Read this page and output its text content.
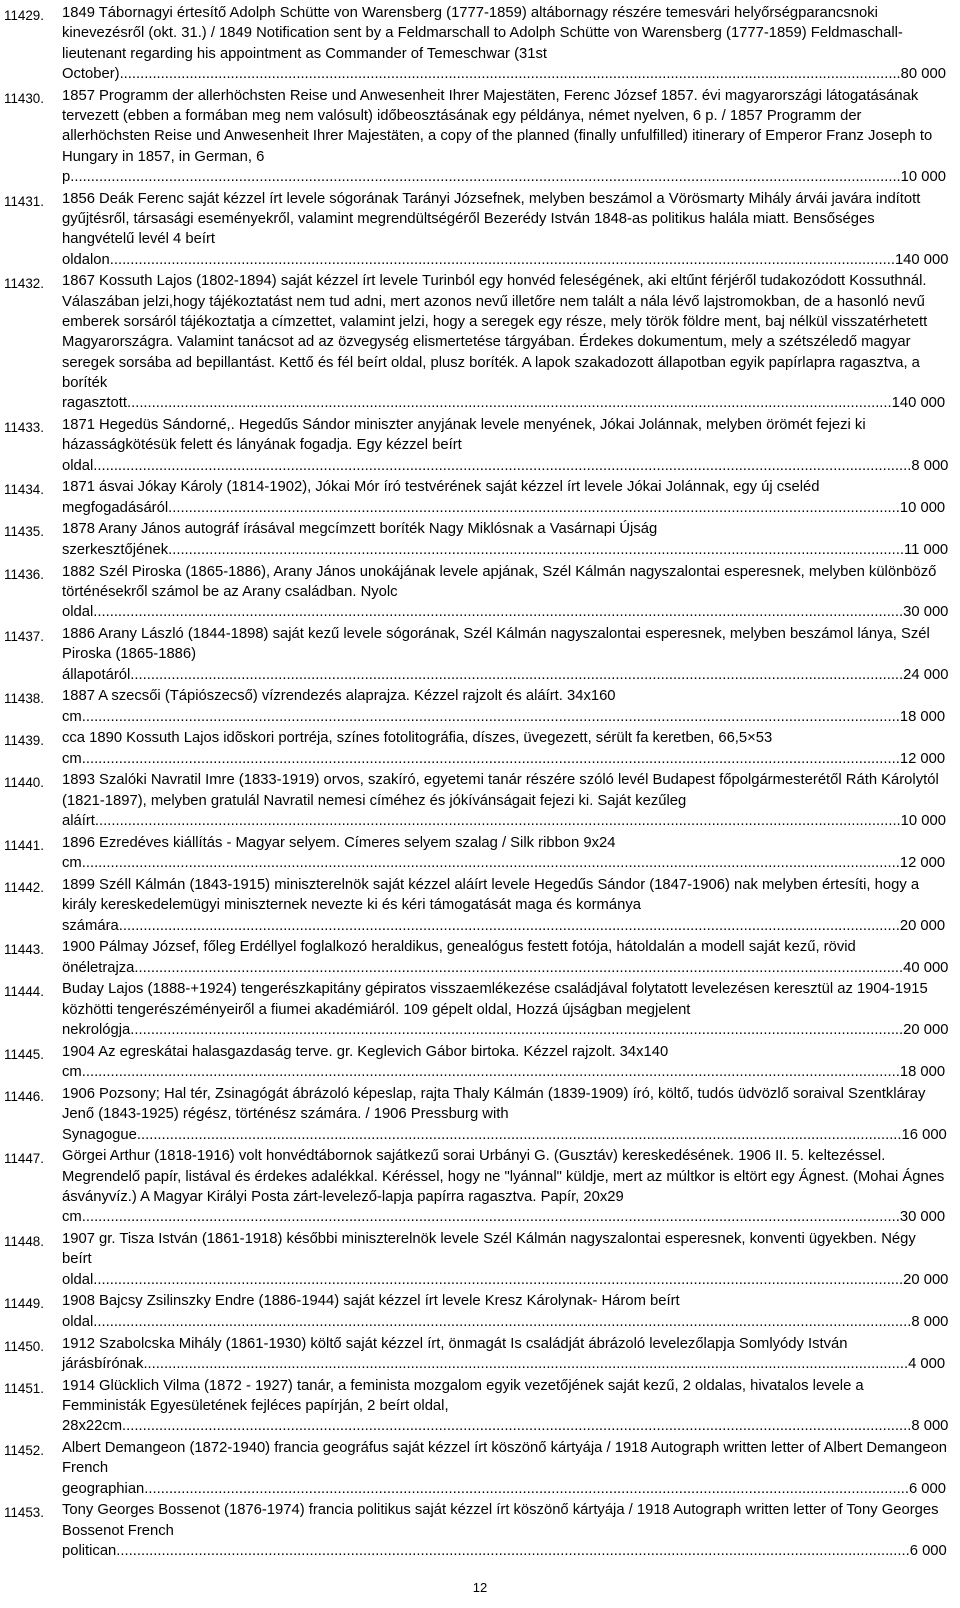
11429. 1849 Tábornagyi értesítő Adolph Schütte von Warensberg (1777-1859) altábornagy részére temesvári helyőrségparancsnoki kinevezésről (okt. 31.) / 1849 Notification sent by a Feldmarschall to Adolph Schütte von Warensberg (1777-1859) Feldmaschall-lieutenant regarding his appointment as Commander of Temeschwar (31st October)..............................................................................................................................................................................................80 000
11430. 1857 Programm der allerhöchsten Reise und Anwesenheit Ihrer Majestäten, Ferenc József 1857. évi magyarországi látogatásának tervezett (ebben a formában meg nem valósult) időbeosztásának egy példánya, német nyelven, 6 p. / 1857 Programm der allerhöchsten Reise und Anwesenheit Ihrer Majestäten, a copy of the planned (finally unfulfilled) itinerary of Emperor Franz Joseph to Hungary in 1857, in German, 6 p..........................................................................................................................................................................................................10 000
11431. 1856 Deák Ferenc saját kézzel írt levele sógorának Tarányi Józsefnek, melyben beszámol a Vörösmarty Mihály árvái javára indított gyűjtésről, társasági eseményekről, valamint megrendültségéről Bezerédy István 1848-as politikus halála miatt. Bensőséges hangvételű levél 4 beírt oldalon...............................................................................................................................................................................................140 000
11432. 1867 Kossuth Lajos (1802-1894) saját kézzel írt levele Turinból egy honvéd feleségének, aki eltűnt férjéről tudakozódott Kossuthnál. Válaszában jelzi,hogy tájékoztatást nem tud adni, mert azonos nevű illetőre nem talált a nála lévő lajstromokban, de a hasonló nevű emberek sorsáról tájékoztatja a címzettet, valamint jelzi, hogy a seregek egy része, mely török földre ment, baj nélkül visszatérhetett Magyarországra. Valamint tanácsot ad az özvegység elismertetése tárgyában. Érdekes dokumentum, mely a szétszéledő magyar seregek sorsába ad bepillantást. Kettő és fél beírt oldal, plusz boríték. A lapok szakadozott állapotban egyik papírlapra ragasztva, a boríték ragasztott..........................................................................................................................................................................................140 000
11433. 1871 Hegedüs Sándorné,. Hegedűs Sándor miniszter anyjának levele menyének, Jókai Jolánnak, melyben örömét fejezi ki házasságkötésük felett és lányának fogadja. Egy kézzel beírt oldal.......................................................................................................................................................................................................8 000
11434. 1871 ásvai Jókay Károly (1814-1902), Jókai Mór író testvérének saját kézzel írt levele Jókai Jolánnak, egy új cseléd megfogadásáról..................................................................................................................................................................................10 000
11435. 1878 Arany János autográf írásával megcímzett boríték Nagy Miklósnak a Vasárnapi Újság szerkesztőjének...................................................................................................................................................................................11 000
11436. 1882 Szél Piroska (1865-1886), Arany János unokájának levele apjának, Szél Kálmán nagyszalontai esperesnek, melyben különböző történésekről számol be az Arany családban. Nyolc oldal.....................................................................................................................................................................................................30 000
11437. 1886 Arany László (1844-1898) saját kezű levele sógorának, Szél Kálmán nagyszalontai esperesnek, melyben beszámol lánya, Szél Piroska (1865-1886) állapotáról............................................................................................................................................................................................24 000
11438. 1887 A szecsői (Tápiószecső) vízrendezés alaprajza. Kézzel rajzolt és aláírt. 34x160 cm.......................................................................................................................................................................................................18 000
11439. cca 1890 Kossuth Lajos idõskori portréja, színes fotolitográfia, díszes, üvegezett, sérült fa keretben, 66,5×53 cm.......................................................................................................................................................................................................12 000
11440. 1893 Szalóki Navratil Imre (1833-1919) orvos, szakíró, egyetemi tanár részére szóló levél Budapest főpolgármesterétől Ráth Károlytól (1821-1897), melyben gratulál Navratil nemesi címéhez és jókívánságait fejezi ki. Saját kezűleg aláírt....................................................................................................................................................................................................10 000
11441. 1896 Ezredéves kiállítás - Magyar selyem. Címeres selyem szalag / Silk ribbon 9x24 cm.......................................................................................................................................................................................................12 000
11442. 1899 Széll Kálmán (1843-1915) miniszterelnök saját kézzel aláírt levele Hegedűs Sándor (1847-1906) nak melyben értesíti, hogy a király kereskedelemügyi miniszternek nevezte ki és kéri támogatását maga és kormánya számára..............................................................................................................................................................................................20 000
11443. 1900 Pálmay József, főleg Erdéllyel foglalkozó heraldikus, genealógus festett fotója, hátoldalán a modell saját kezű, rövid önéletrajza...........................................................................................................................................................................................40 000
11444. Buday Lajos (1888-+1924) tengerészkapitány gépiratos visszaemlékezése családjával folytatott levelezésen keresztül az 1904-1915 közhötti tengerészéményeiről a fiumei akadémiáról. 109 gépelt oldal, Hozzá újságban megjelent nekrológja............................................................................................................................................................................................20 000
11445. 1904 Az egreskátai halasgazdaság terve. gr. Keglevich Gábor birtoka. Kézzel rajzolt. 34x140 cm.......................................................................................................................................................................................................18 000
11446. 1906 Pozsony; Hal tér, Zsinagógát ábrázoló képeslap, rajta Thaly Kálmán (1839-1909) író, költő, tudós üdvözlő soraival Szentkláray Jenő (1843-1925) régész, történész számára. / 1906 Pressburg with Synagogue..........................................................................................................................................................................................16 000
11447. Görgei Arthur (1818-1916) volt honvédtábornok sajátkezű sorai Urbányi G. (Gusztáv) kereskedésének. 1906 II. 5. keltezéssel. Megrendelő papír, listával és érdekes adalékkal. Kéréssel, hogy ne "lyánnal" küldje, mert az múltkor is eltört egy Ágnest. (Mohai Ágnes ásványvíz.) A Magyar Királyi Posta zárt-levelező-lapja papírra ragasztva. Papír, 20x29 cm.......................................................................................................................................................................................................30 000
11448. 1907 gr. Tisza István (1861-1918) későbbi miniszterelnök levele Szél Kálmán nagyszalontai esperesnek, konventi ügyekben. Négy beírt oldal.....................................................................................................................................................................................................20 000
11449. 1908 Bajcsy Zsilinszky Endre (1886-1944) saját kézzel írt levele Kresz Károlynak- Három beírt oldal.......................................................................................................................................................................................................8 000
11450. 1912 Szabolcska Mihály (1861-1930) költő saját kézzel írt, önmagát Is családját ábrázoló levelezőlapja Somlyódy István járásbírónak..........................................................................................................................................................................................4 000
11451. 1914 Glücklich Vilma (1872 - 1927) tanár, a feminista mozgalom egyik vezetőjének saját kezű, 2 oldalas, hivatalos levele a Femministák Egyesületének fejléces papírján, 2 beírt oldal, 28x22cm................................................................................................................................................................................................8 000
11452. Albert Demangeon (1872-1940) francia geográfus saját kézzel írt köszönő kártyája / 1918 Autograph written letter of Albert Demangeon French geographian..........................................................................................................................................................................................6 000
11453. Tony Georges Bossenot (1876-1974) francia politikus saját kézzel írt köszönő kártyája / 1918 Autograph written letter of Tony Georges Bossenot French politican.................................................................................................................................................................................................6 000
12
